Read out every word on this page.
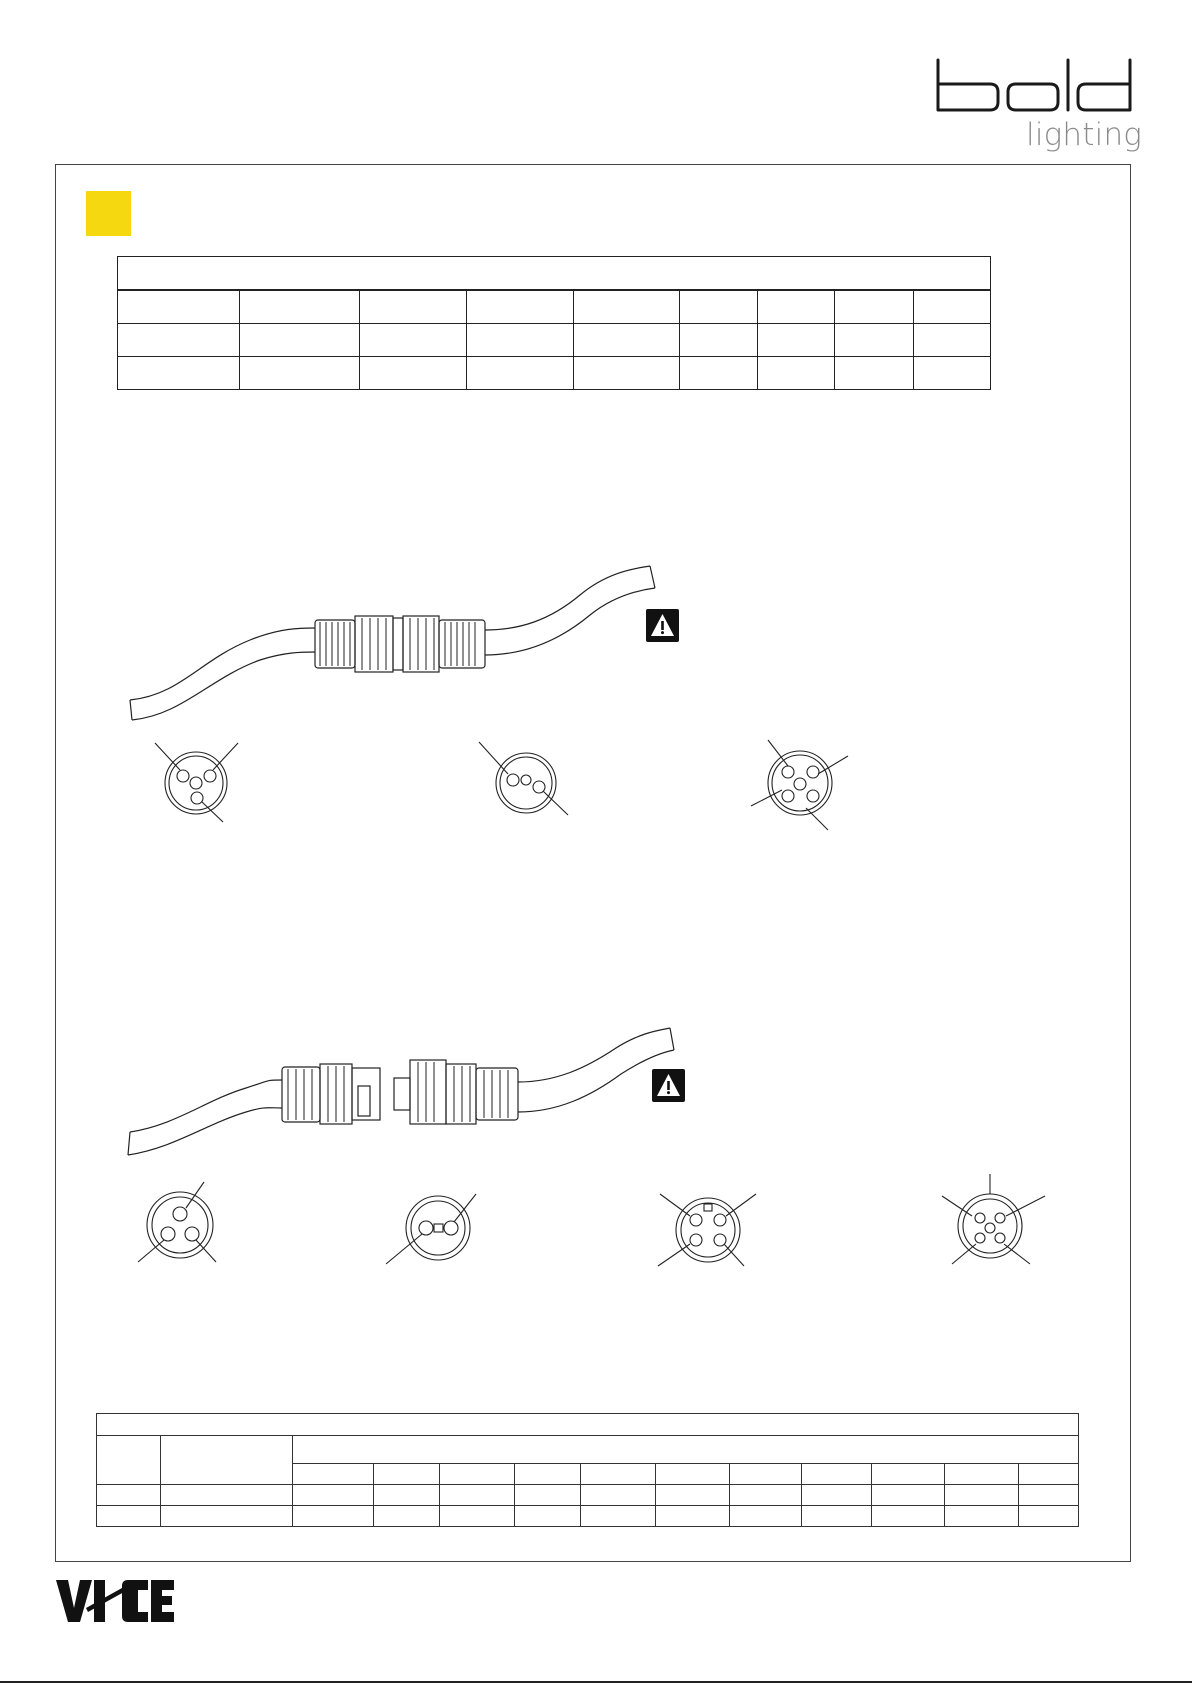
lighting
